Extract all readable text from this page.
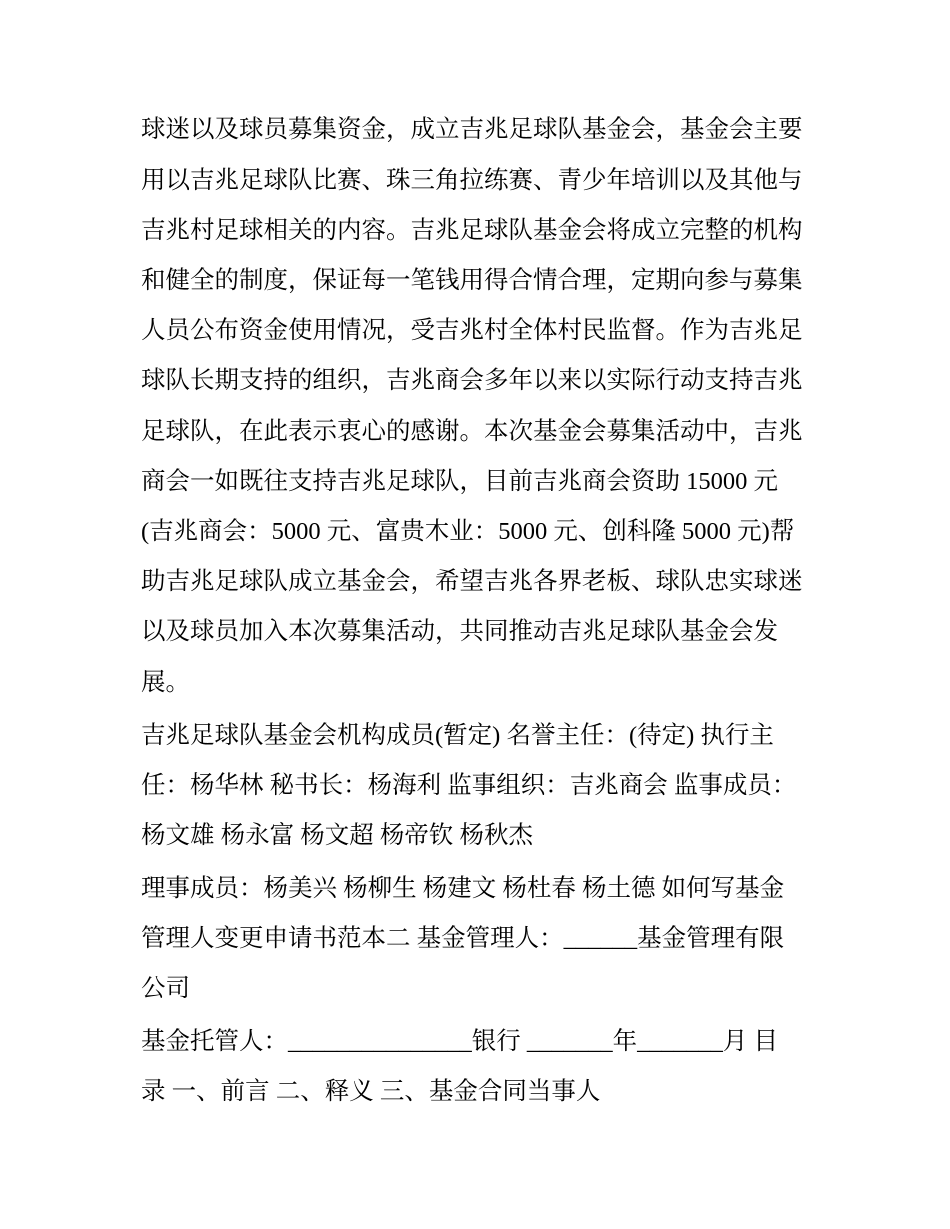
球迷以及球员募集资金，成立吉兆足球队基金会，基金会主要
用以吉兆足球队比赛、珠三角拉练赛、青少年培训以及其他与
吉兆村足球相关的内容。吉兆足球队基金会将成立完整的机构
和健全的制度，保证每一笔钱用得合情合理，定期向参与募集
人员公布资金使用情况，受吉兆村全体村民监督。作为吉兆足
球队长期支持的组织，吉兆商会多年以来以实际行动支持吉兆
足球队，在此表示衷心的感谢。本次基金会募集活动中，吉兆
商会一如既往支持吉兆足球队，目前吉兆商会资助 15000 元
(吉兆商会：5000 元、富贵木业：5000 元、创科隆 5000 元)帮
助吉兆足球队成立基金会，希望吉兆各界老板、球队忠实球迷
以及球员加入本次募集活动，共同推动吉兆足球队基金会发
展。
吉兆足球队基金会机构成员(暂定) 名誉主任：(待定) 执行主
任：杨华林 秘书长：杨海利 监事组织：吉兆商会 监事成员：
杨文雄 杨永富 杨文超 杨帝钦 杨秋杰
理事成员：杨美兴 杨柳生 杨建文 杨杜春 杨土德 如何写基金
管理人变更申请书范本二 基金管理人：______基金管理有限
公司
基金托管人：_______________银行 _______年_______月 目
录 一、前言 二、释义 三、基金合同当事人
